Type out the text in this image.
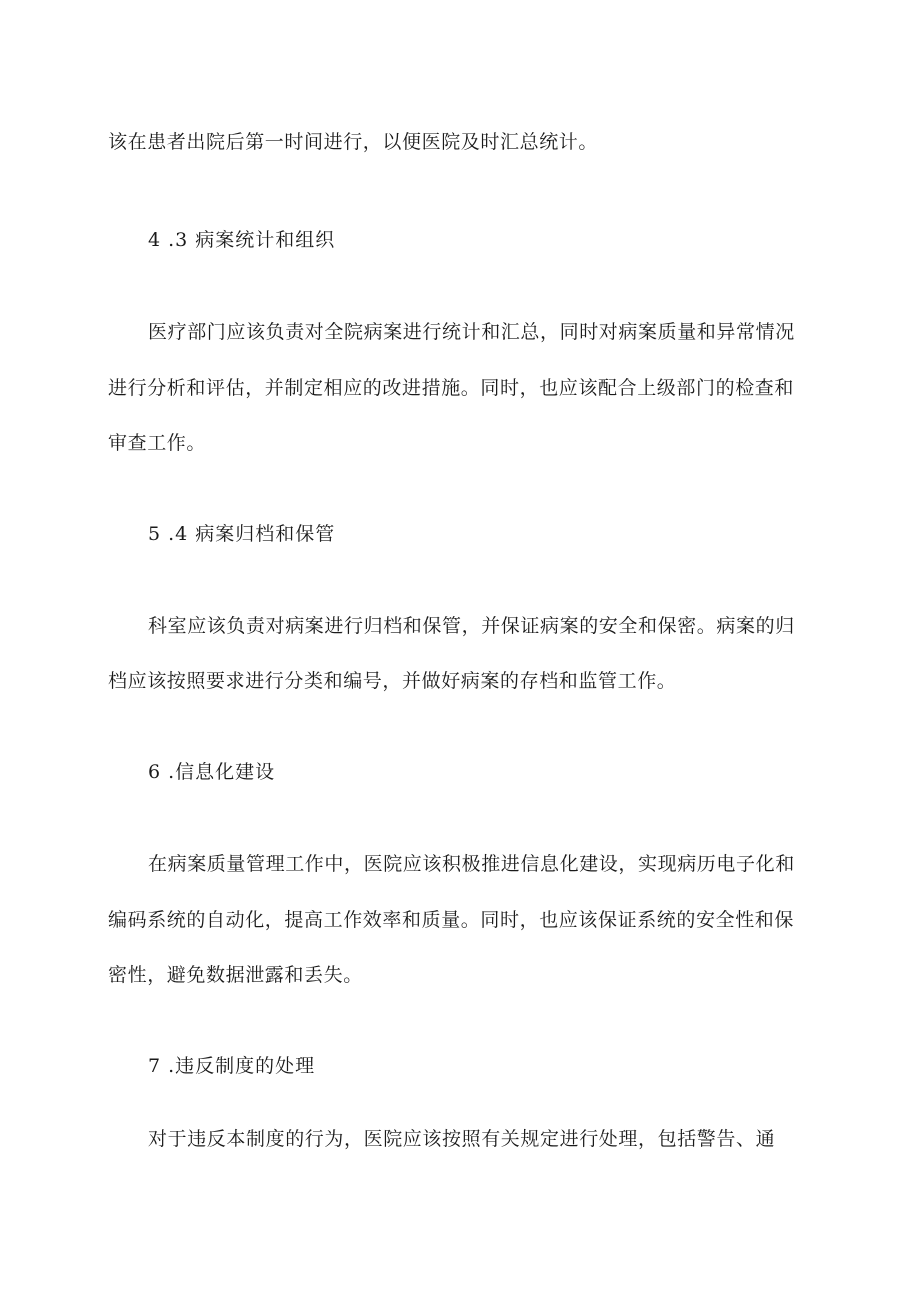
该在患者出院后第一时间进行，以便医院及时汇总统计。
4 .3 病案统计和组织
医疗部门应该负责对全院病案进行统计和汇总，同时对病案质量和异常情况
进行分析和评估，并制定相应的改进措施。同时，也应该配合上级部门的检查和
审查工作。
5 .4 病案归档和保管
科室应该负责对病案进行归档和保管，并保证病案的安全和保密。病案的归
档应该按照要求进行分类和编号，并做好病案的存档和监管工作。
6 .信息化建设
在病案质量管理工作中，医院应该积极推进信息化建设，实现病历电子化和
编码系统的自动化，提高工作效率和质量。同时，也应该保证系统的安全性和保
密性，避免数据泄露和丢失。
7 .违反制度的处理
对于违反本制度的行为，医院应该按照有关规定进行处理，包括警告、通
